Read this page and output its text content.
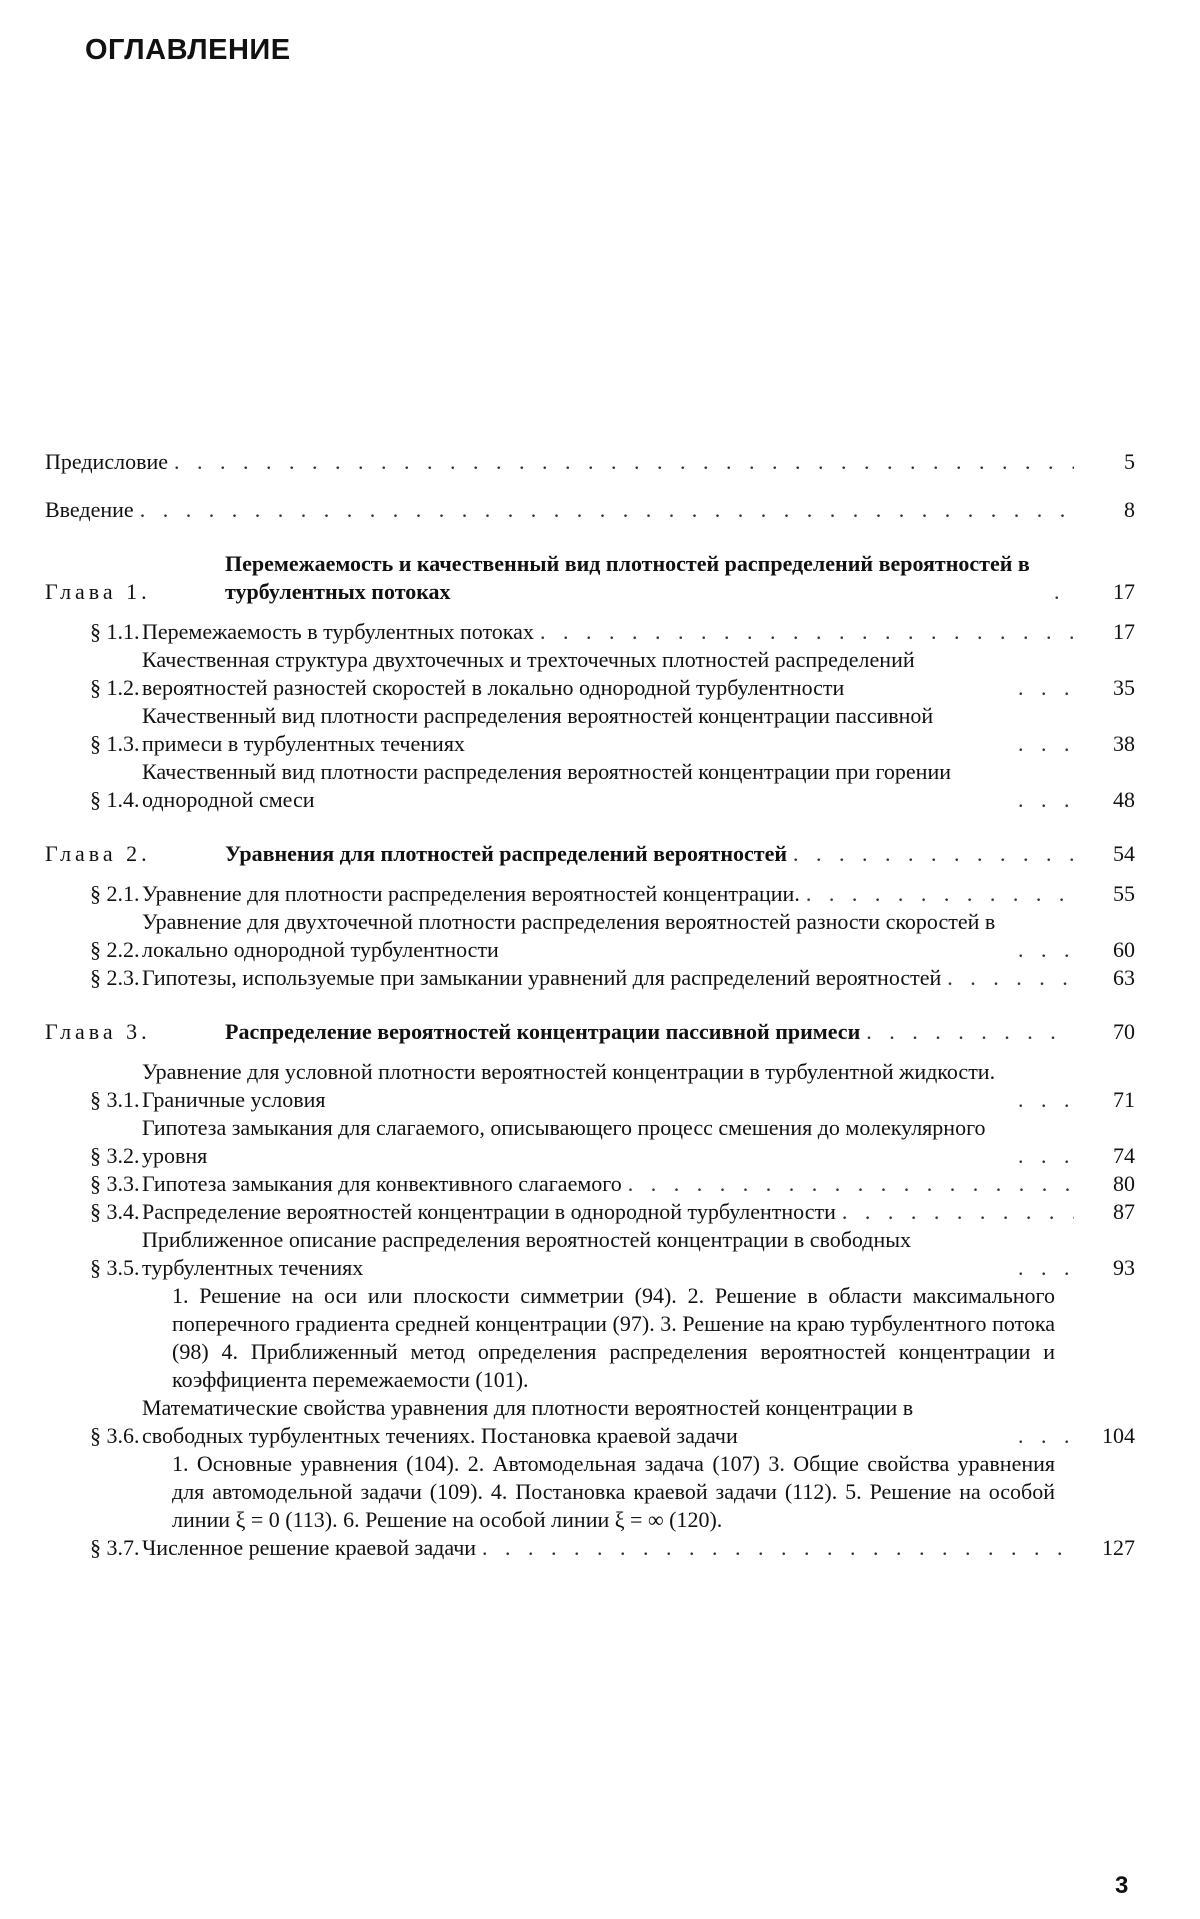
ОГЛАВЛЕНИЕ
Предисловие . . .	5
Введение . . .	8
Глава 1.
Перемежаемость и качественный вид плотностей распределений вероятностей в турбулентных потоках . . .	17
§ 1.1. Перемежаемость в турбулентных потоках . . .	17
§ 1.2.
Качественная структура двухточечных и трехточечных плотностей распределений вероятностей разностей скоростей в локально однородной турбулентности . . .	35
§ 1.3.
Качественный вид плотности распределения вероятностей концентрации пассивной примеси в турбулентных течениях . . .	38
§ 1.4.
Качественный вид плотности распределения вероятностей концентрации при горении однородной смеси . . .	48
Глава 2.	Уравнения для плотностей распределений вероятностей . . .	54
§ 2.1. Уравнение для плотности распределения вероятностей концентрации. . . .	55
§ 2.2.
Уравнение для двухточечной плотности распределения вероятностей разности скоростей в локально однородной турбулентности . . .	60
§ 2.3. Гипотезы, используемые при замыкании уравнений для распределений вероятностей . . .	63
Глава 3.	Распределение вероятностей концентрации пассивной примеси . . .	70
§ 3.1.
Уравнение для условной плотности вероятностей концентрации в турбулентной жидкости. Граничные условия . . .	71
§ 3.2.
Гипотеза замыкания для слагаемого, описывающего процесс смешения до молекулярного уровня . . .	74
§ 3.3. Гипотеза замыкания для конвективного слагаемого . . .	80
§ 3.4. Распределение вероятностей концентрации в однородной турбулентности . . .	87
§ 3.5.
Приближенное описание распределения вероятностей концентрации в свободных турбулентных течениях . . .	93
1. Решение на оси или плоскости симметрии (94). 2. Решение в области максимального поперечного градиента средней концентрации (97). 3. Решение на краю турбулентного потока (98) 4. Приближенный метод определения распределения вероятностей концентрации и коэффициента перемежаемости (101).
§ 3.6.
Математические свойства уравнения для плотности вероятностей концентрации в свободных турбулентных течениях. Постановка краевой задачи . . .	104
1. Основные уравнения (104). 2. Автомодельная задача (107) 3. Общие свойства уравнения для автомодельной задачи (109). 4. Постановка краевой задачи (112). 5. Решение на особой линии ξ = 0 (113). 6. Решение на особой линии ξ = ∞ (120).
§ 3.7. Численное решение краевой задачи . . .	127
3
